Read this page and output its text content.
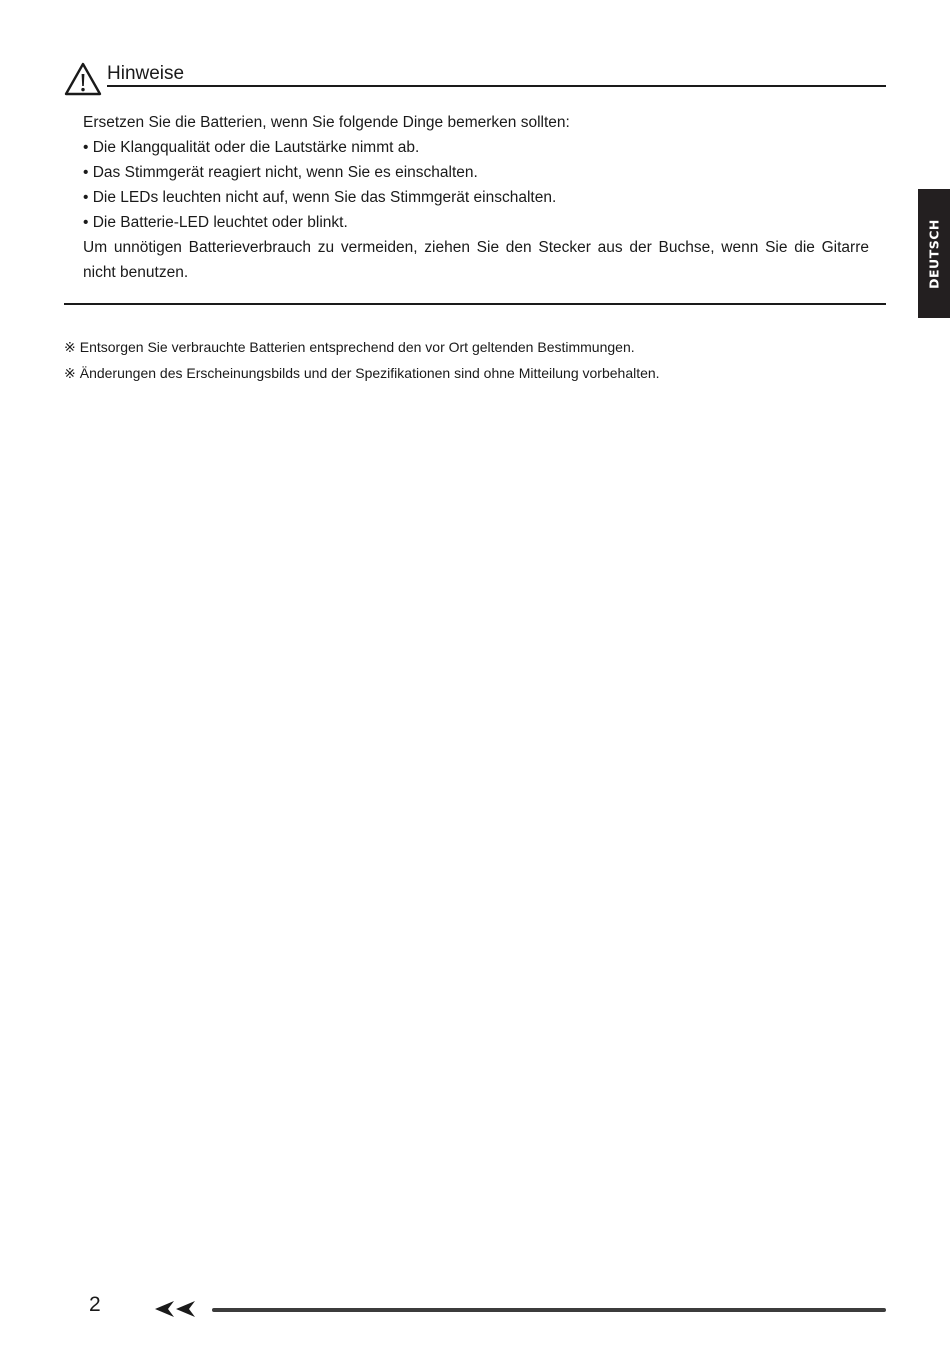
Hinweise

Ersetzen Sie die Batterien, wenn Sie folgende Dinge bemerken sollten:

• Die Klangqualität oder die Lautstärke nimmt ab.

• Das Stimmgerät reagiert nicht, wenn Sie es einschalten.

• Die LEDs leuchten nicht auf, wenn Sie das Stimmgerät einschalten.

• Die Batterie-LED leuchtet oder blinkt.

Um unnötigen Batterieverbrauch zu vermeiden, ziehen Sie den Stecker aus der Buchse, wenn Sie die Gitarre

nicht benutzen.

※ Entsorgen Sie verbrauchte Batterien entsprechend den vor Ort geltenden Bestimmungen.

※ Änderungen des Erscheinungsbilds und der Spezifikationen sind ohne Mitteilung vorbehalten.

DEUTSCH
2
